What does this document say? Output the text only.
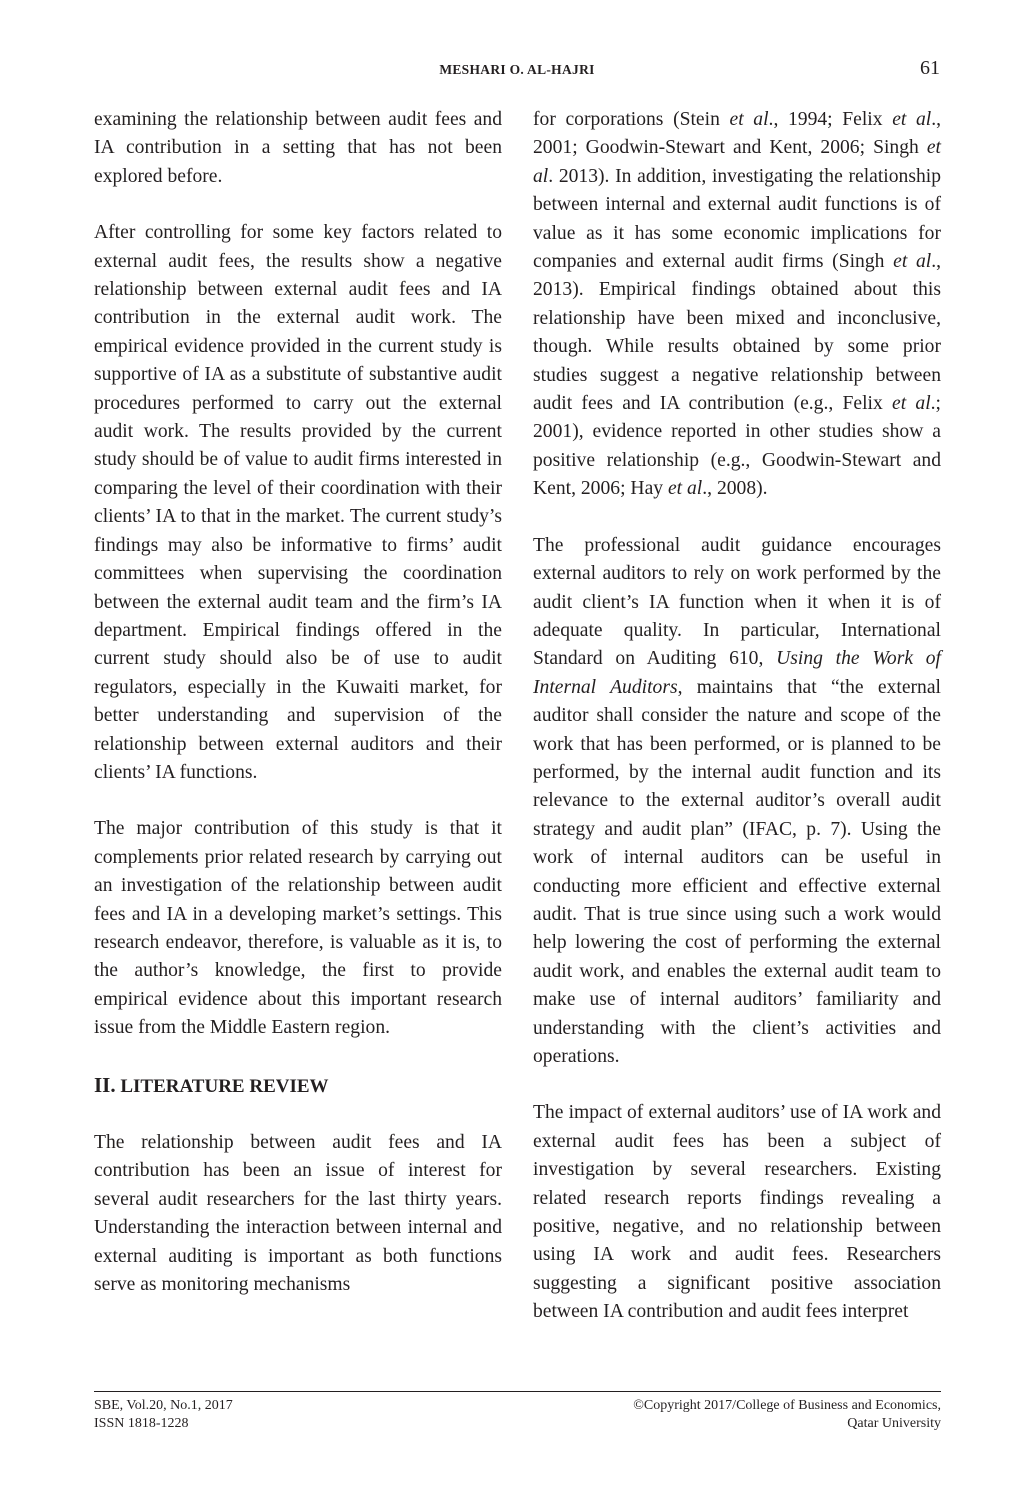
MESHARI O. AL-HAJRI	61

examining the relationship between audit fees and IA contribution in a setting that has not been explored before.

After controlling for some key factors related to external audit fees, the results show a negative relationship between external audit fees and IA contribution in the external audit work. The empirical evidence provided in the current study is supportive of IA as a substitute of substantive audit procedures performed to carry out the external audit work. The results provided by the current study should be of value to audit firms interested in comparing the level of their coordination with their clients’ IA to that in the market. The current study’s findings may also be informative to firms’ audit committees when supervising the coordination between the external audit team and the firm’s IA department. Empirical findings offered in the current study should also be of use to audit regulators, especially in the Kuwaiti market, for better understanding and supervision of the relationship between external auditors and their clients’ IA functions.

The major contribution of this study is that it complements prior related research by carrying out an investigation of the relationship between audit fees and IA in a developing market’s settings. This research endeavor, therefore, is valuable as it is, to the author’s knowledge, the first to provide empirical evidence about this important research issue from the Middle Eastern region.

II. LITERATURE REVIEW

The relationship between audit fees and IA contribution has been an issue of interest for several audit researchers for the last thirty years. Understanding the interaction between internal and external auditing is important as both functions serve as monitoring mechanisms

for corporations (Stein et al., 1994; Felix et al., 2001; Goodwin-Stewart and Kent, 2006; Singh et al. 2013). In addition, investigating the relationship between internal and external audit functions is of value as it has some economic implications for companies and external audit firms (Singh et al., 2013). Empirical findings obtained about this relationship have been mixed and inconclusive, though. While results obtained by some prior studies suggest a negative relationship between audit fees and IA contribution (e.g., Felix et al.; 2001), evidence reported in other studies show a positive relationship (e.g., Goodwin-Stewart and Kent, 2006; Hay et al., 2008).

The professional audit guidance encourages external auditors to rely on work performed by the audit client’s IA function when it when it is of adequate quality. In particular, International Standard on Auditing 610, Using the Work of Internal Auditors, maintains that “the external auditor shall consider the nature and scope of the work that has been performed, or is planned to be performed, by the internal audit function and its relevance to the external auditor’s overall audit strategy and audit plan” (IFAC, p. 7). Using the work of internal auditors can be useful in conducting more efficient and effective external audit. That is true since using such a work would help lowering the cost of performing the external audit work, and enables the external audit team to make use of internal auditors’ familiarity and understanding with the client’s activities and operations.

The impact of external auditors’ use of IA work and external audit fees has been a subject of investigation by several researchers. Existing related research reports findings revealing a positive, negative, and no relationship between using IA work and audit fees. Researchers suggesting a significant positive association between IA contribution and audit fees interpret

SBE, Vol.20, No.1, 2017
ISSN 1818-1228
©Copyright 2017/College of Business and Economics,
Qatar University
